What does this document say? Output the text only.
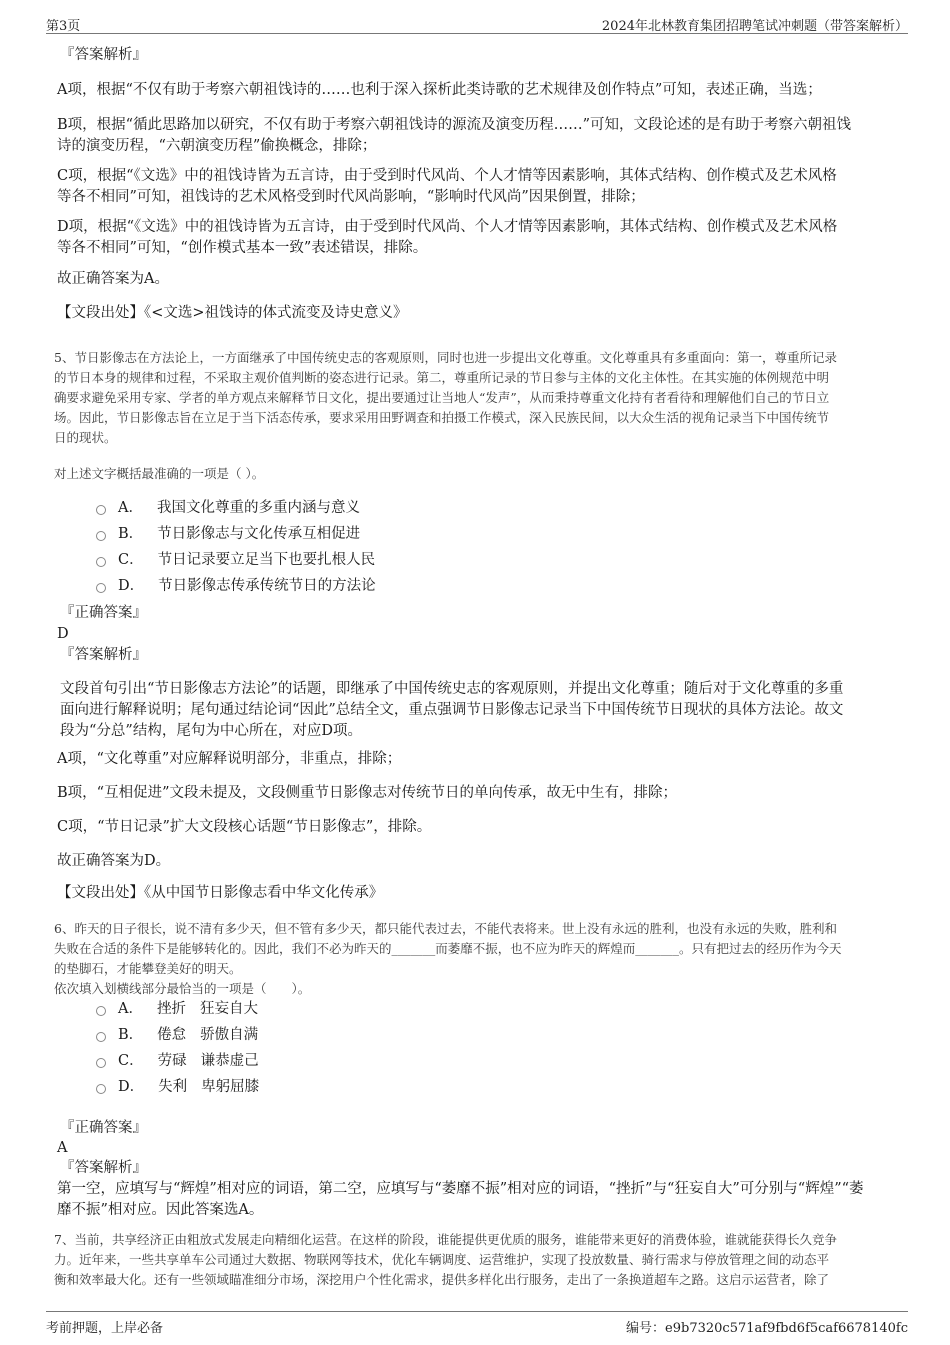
第3页	2024年北林教育集团招聘笔试冲刺题（带答案解析）
『答案解析』
A项，根据“不仅有助于考察六朝祖饯诗的……也利于深入探析此类诗歌的艺术规律及创作特点”可知，表述正确，当选；
B项，根据“循此思路加以研究，不仅有助于考察六朝祖饯诗的源流及演变历程……”可知，文段论述的是有助于考察六朝祖饯
诗的演变历程，“六朝演变历程”偷换概念，排除；
C项，根据“《文选》中的祖饯诗皆为五言诗，由于受到时代风尚、个人才情等因素影响，其体式结构、创作模式及艺术风格
等各不相同”可知，祖饯诗的艺术风格受到时代风尚影响，“影响时代风尚”因果倒置，排除；
D项，根据“《文选》中的祖饯诗皆为五言诗，由于受到时代风尚、个人才情等因素影响，其体式结构、创作模式及艺术风格
等各不相同”可知，“创作模式基本一致”表述错误，排除。
故正确答案为A。
【文段出处】《<文选>祖饯诗的体式流变及诗史意义》
5、节日影像志在方法论上，一方面继承了中国传统史志的客观原则，同时也进一步提出文化尊重。文化尊重具有多重面向：第一，尊重所记录
的节日本身的规律和过程，不采取主观价值判断的姿态进行记录。第二，尊重所记录的节日参与主体的文化主体性。在其实施的体例规范中明
确要求避免采用专家、学者的单方观点来解释节日文化，提出要通过让当地人“发声”，从而秉持尊重文化持有者看待和理解他们自己的节日立
场。因此，节日影像志旨在立足于当下活态传承，要求采用田野调查和拍摄工作模式，深入民族民间，以大众生活的视角记录当下中国传统节
日的现状。
对上述文字概括最准确的一项是（ ）。
A． 我国文化尊重的多重内涵与意义
B． 节日影像志与文化传承互相促进
C． 节日记录要立足当下也要扎根人民
D． 节日影像志传承传统节日的方法论
『正确答案』
D
『答案解析』
文段首句引出“节日影像志方法论”的话题，即继承了中国传统史志的客观原则，并提出文化尊重；随后对于文化尊重的多重
面向进行解释说明；尾句通过结论词“因此”总结全文，重点强调节日影像志记录当下中国传统节日现状的具体方法论。故文
段为“分总”结构，尾句为中心所在，对应D项。
A项，“文化尊重”对应解释说明部分，非重点，排除；
B项，“互相促进”文段未提及，文段侧重节日影像志对传统节日的单向传承，故无中生有，排除；
C项，“节日记录”扩大文段核心话题“节日影像志”，排除。
故正确答案为D。
【文段出处】《从中国节日影像志看中华文化传承》
6、昨天的日子很长，说不清有多少天，但不管有多少天，都只能代表过去，不能代表将来。世上没有永远的胜利，也没有永远的失败，胜利和
失败在合适的条件下是能够转化的。因此，我们不必为昨天的_______而萎靡不振，也不应为昨天的辉煌而_______。只有把过去的经历作为今天
的垫脚石，才能攀登美好的明天。
依次填入划横线部分最恰当的一项是（　　）。
A． 挫折 狂妄自大
B． 倦怠 骄傲自满
C． 劳碌 谦恭虚己
D． 失利 卑躬屈膝
『正确答案』
A
『答案解析』
第一空，应填写与“辉煌”相对应的词语，第二空，应填写与“萎靡不振”相对应的词语，“挫折”与“狂妄自大”可分别与“辉煌”“萎
靡不振”相对应。因此答案选A。
7、当前，共享经济正由粗放式发展走向精细化运营。在这样的阶段，谁能提供更优质的服务，谁能带来更好的消费体验，谁就能获得长久竞争
力。近年来，一些共享单车公司通过大数据、物联网等技术，优化车辆调度、运营维护，实现了投放数量、骑行需求与停放管理之间的动态平
衡和效率最大化。还有一些领域瞄准细分市场，深挖用户个性化需求，提供多样化出行服务，走出了一条换道超车之路。这启示运营者，除了
考前押题，上岸必备	编号：e9b7320c571af9fbd6f5caf6678140fc
